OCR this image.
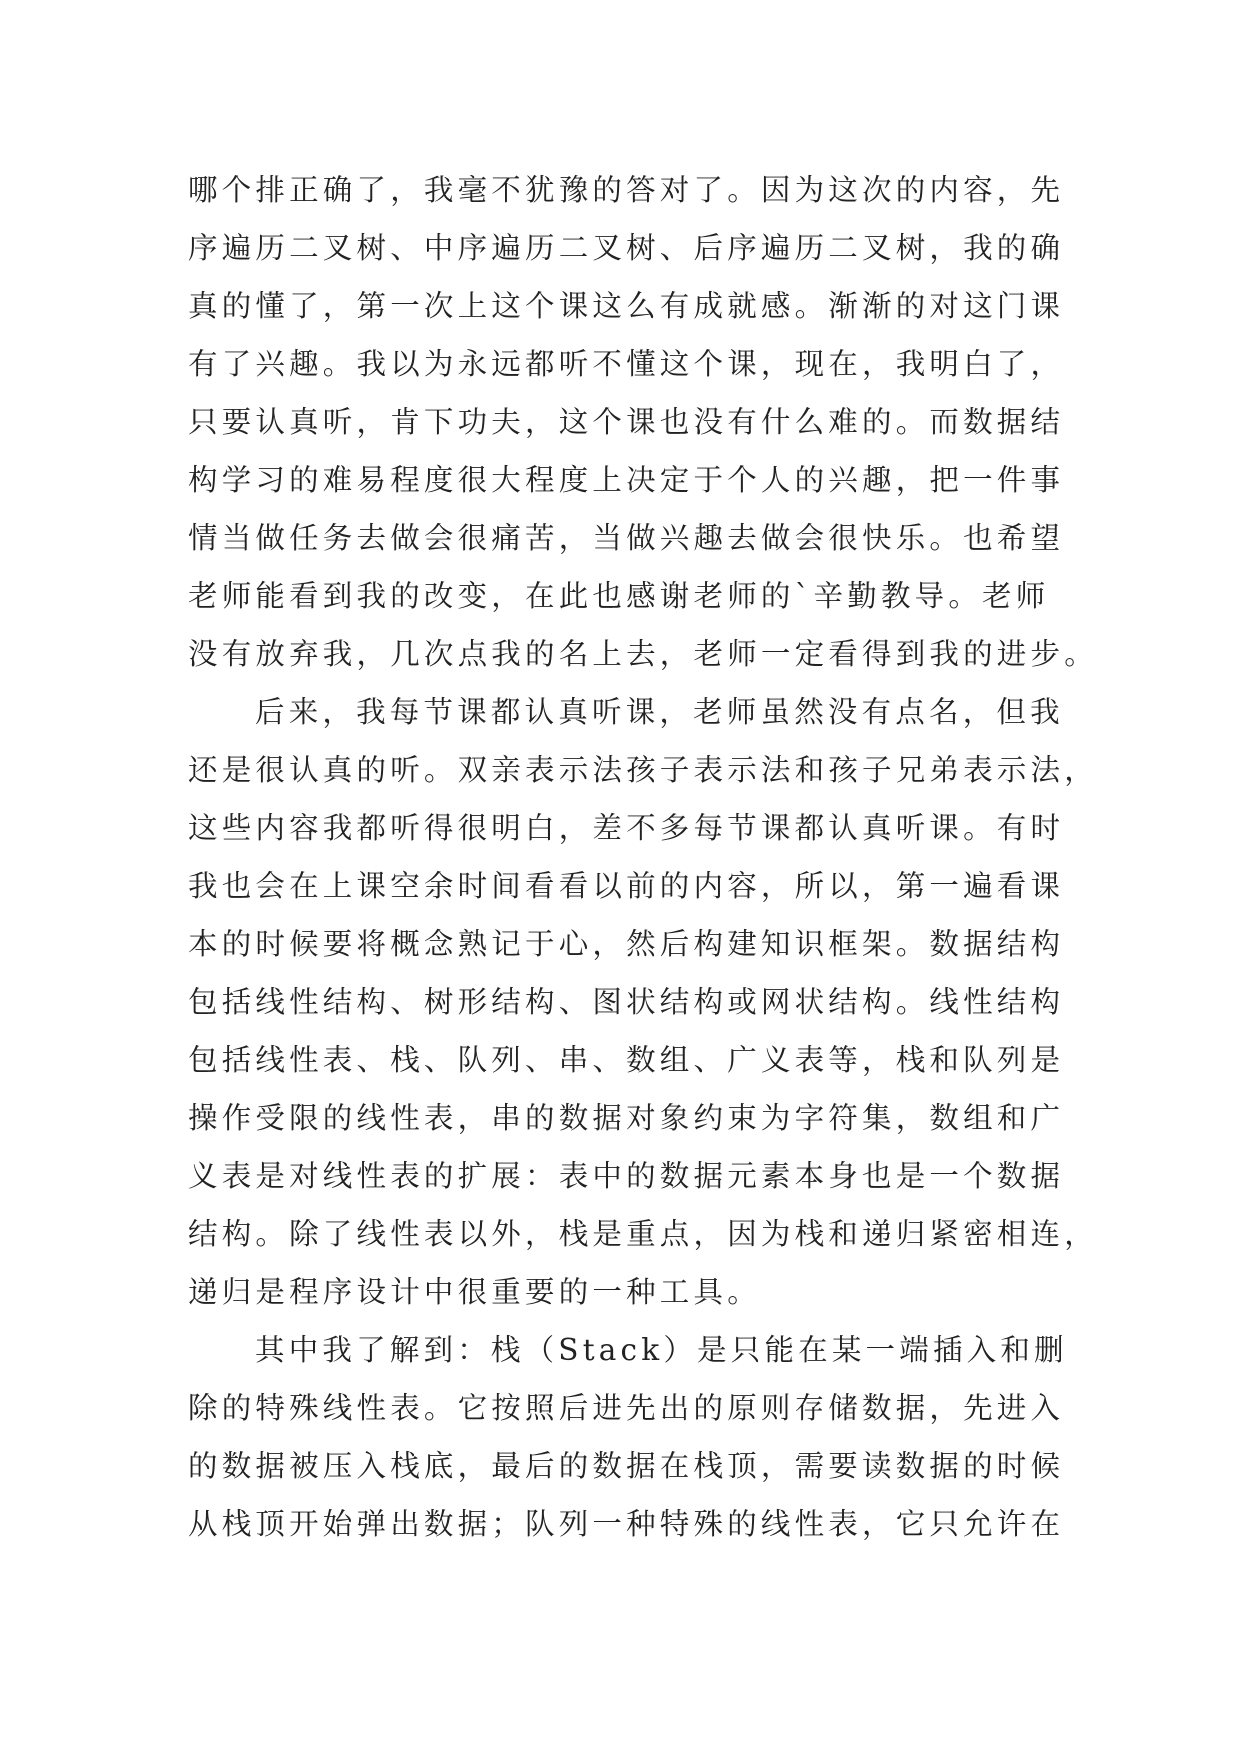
哪个排正确了，我毫不犹豫的答对了。因为这次的内容，先
序遍历二叉树、中序遍历二叉树、后序遍历二叉树，我的确
真的懂了，第一次上这个课这么有成就感。渐渐的对这门课
有了兴趣。我以为永远都听不懂这个课，现在，我明白了，
只要认真听，肯下功夫，这个课也没有什么难的。而数据结
构学习的难易程度很大程度上决定于个人的兴趣，把一件事
情当做任务去做会很痛苦，当做兴趣去做会很快乐。也希望
老师能看到我的改变，在此也感谢老师的`辛勤教导。老师
没有放弃我，几次点我的名上去，老师一定看得到我的进步。
后来，我每节课都认真听课，老师虽然没有点名，但我
还是很认真的听。双亲表示法孩子表示法和孩子兄弟表示法，
这些内容我都听得很明白，差不多每节课都认真听课。有时
我也会在上课空余时间看看以前的内容，所以，第一遍看课
本的时候要将概念熟记于心，然后构建知识框架。数据结构
包括线性结构、树形结构、图状结构或网状结构。线性结构
包括线性表、栈、队列、串、数组、广义表等，栈和队列是
操作受限的线性表，串的数据对象约束为字符集，数组和广
义表是对线性表的扩展：表中的数据元素本身也是一个数据
结构。除了线性表以外，栈是重点，因为栈和递归紧密相连，
递归是程序设计中很重要的一种工具。
其中我了解到：栈（Stack）是只能在某一端插入和删
除的特殊线性表。它按照后进先出的原则存储数据，先进入
的数据被压入栈底，最后的数据在栈顶，需要读数据的时候
从栈顶开始弹出数据；队列一种特殊的线性表，它只允许在
